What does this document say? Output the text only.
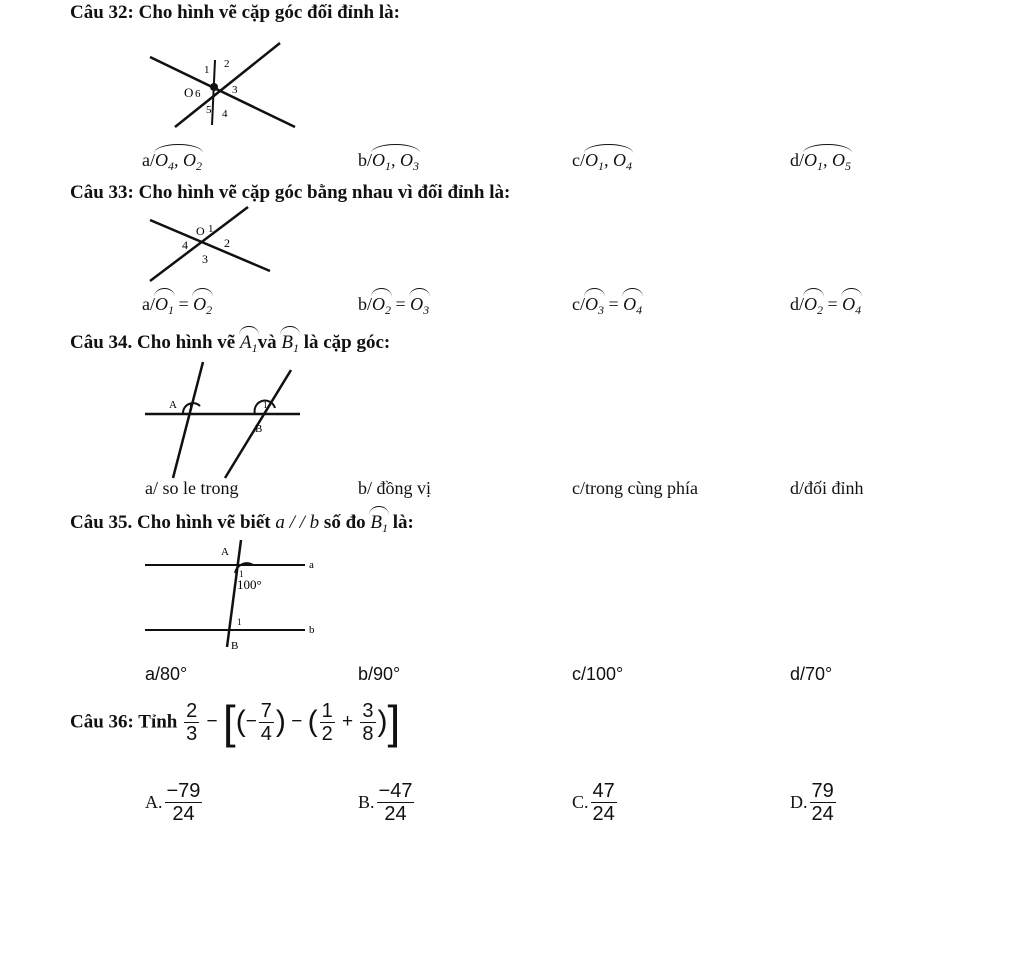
Câu 32: Cho hình vẽ cặp góc đối đỉnh là:
1 2
3
4
5
O 6
$a/O_4$, $O_2$	$b/O_1$, $O_3$	$c/O_1$, $O_4$	$d/O_1$, $O_5$
Câu 33: Cho hình vẽ cặp góc bằng nhau vì đối đỉnh là:
O 1
2
3
4
$a/O_1 = O_2$	$b/O_2 = O_3$	$c/O_3 = O_4$	$d/O_2 = O_4$
Câu 34. Cho hình vẽ $A_1và$ $B_1$ là cặp góc:
A 1	1
B
a/ so le trong	b/ đồng vị	c/trong cùng phía	d/đối đỉnh
Câu 35. Cho hình vẽ biết a / / b số đo $B_1$ là:
A
a
1
100°
1
b
B
a/80°	b/90°	c/100°	d/70°
Câu 36: Tỉnh $\frac{2}{3}$ − [(− $\frac{7}{4}$ ) − ( $\frac{1}{2} + \frac{3}{8}$ )]
A. $\frac{-79}{24}$	B. $\frac{-47}{24}$	C. $\frac{47}{24}$	D. $\frac{79}{24}$
